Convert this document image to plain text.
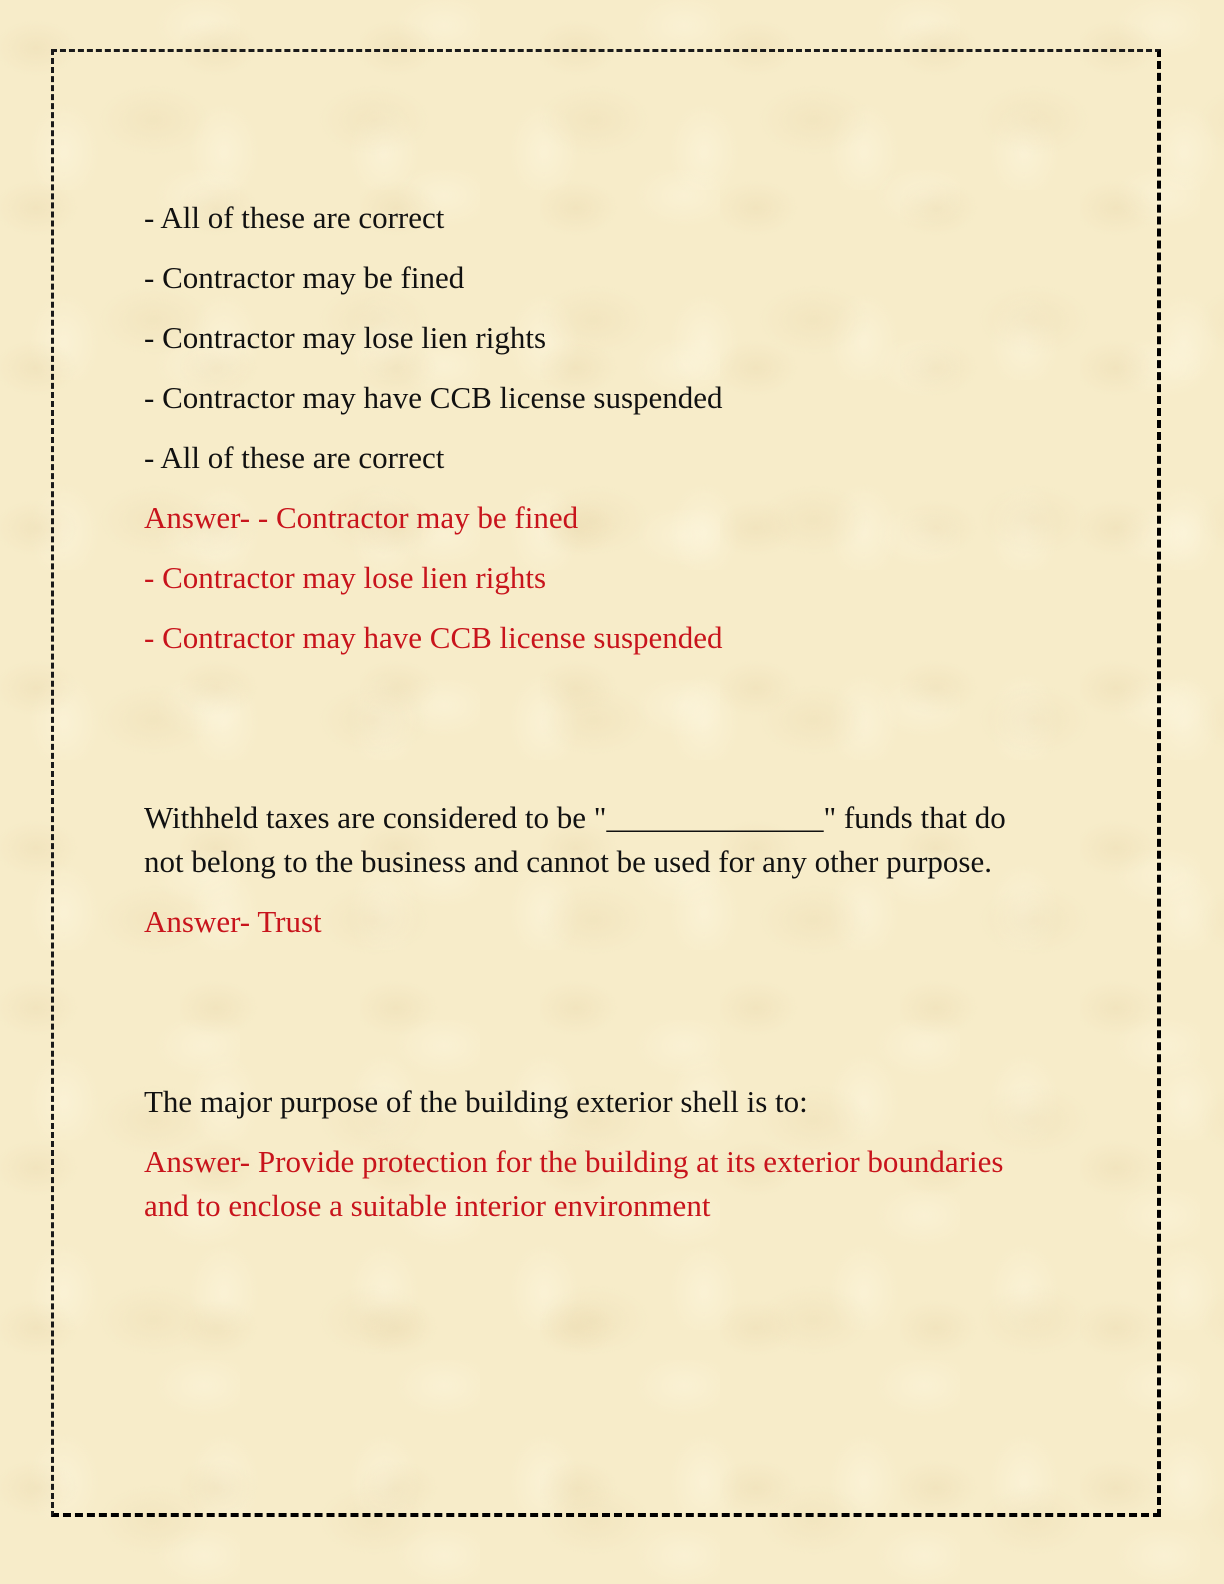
- All of these are correct

- Contractor may be fined

- Contractor may lose lien rights

- Contractor may have CCB license suspended

- All of these are correct

Answer- - Contractor may be fined

- Contractor may lose lien rights

- Contractor may have CCB license suspended

Withheld taxes are considered to be "______________" funds that do not belong to the business and cannot be used for any other purpose.

Answer- Trust

The major purpose of the building exterior shell is to:

Answer- Provide protection for the building at its exterior boundaries and to enclose a suitable interior environment
